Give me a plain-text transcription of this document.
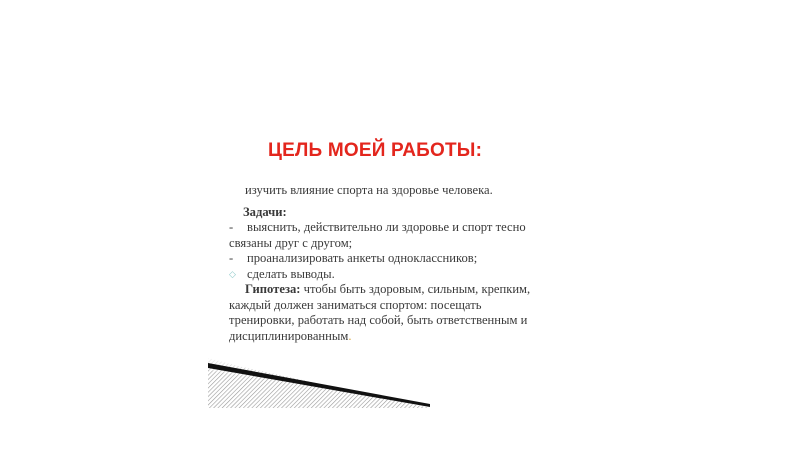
ЦЕЛЬ МОЕЙ РАБОТЫ:

изучить влияние спорта на здоровье человека.

Задачи:

- выяснить, действительно ли здоровье и спорт тесно связаны друг с другом;

- проанализировать анкеты одноклассников;

◇ сделать выводы.

Гипотеза: чтобы быть здоровым, сильным, крепким, каждый должен заниматься спортом: посещать тренировки, работать над собой, быть ответственным и дисциплинированным.
